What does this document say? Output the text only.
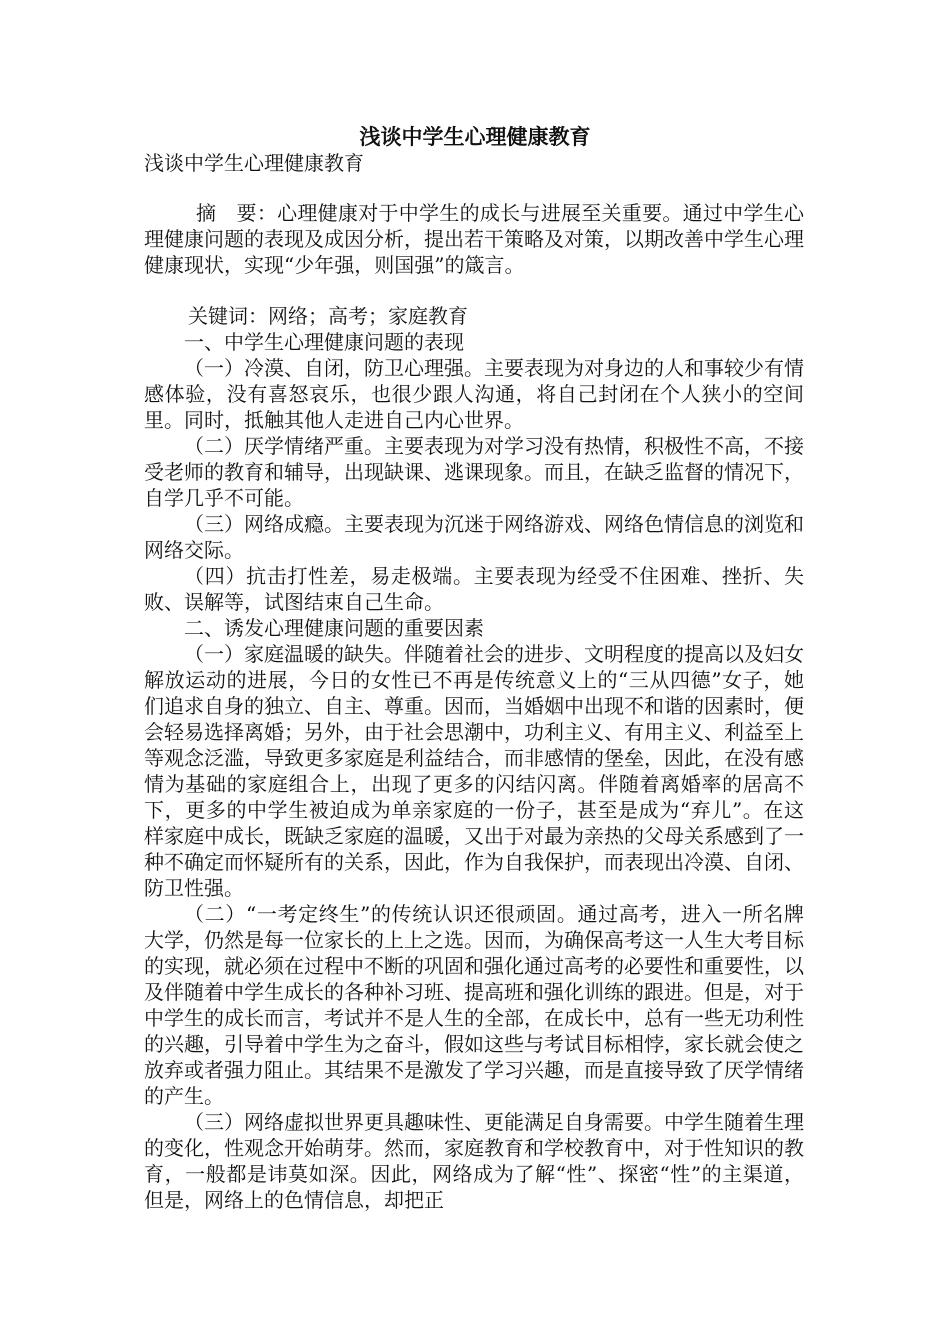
浅谈中学生心理健康教育
浅谈中学生心理健康教育

摘　要：心理健康对于中学生的成长与进展至关重要。通过中学生心理健康问题的表现及成因分析，提出若干策略及对策，以期改善中学生心理健康现状，实现“少年强，则国强”的箴言。

关键词：网络；高考；家庭教育

一、中学生心理健康问题的表现

（一）冷漠、自闭，防卫心理强。主要表现为对身边的人和事较少有情感体验，没有喜怒哀乐，也很少跟人沟通，将自己封闭在个人狭小的空间里。同时，抵触其他人走进自己内心世界。

（二）厌学情绪严重。主要表现为对学习没有热情，积极性不高，不接受老师的教育和辅导，出现缺课、逃课现象。而且，在缺乏监督的情况下，自学几乎不可能。

（三）网络成瘾。主要表现为沉迷于网络游戏、网络色情信息的浏览和网络交际。

（四）抗击打性差，易走极端。主要表现为经受不住困难、挫折、失败、误解等，试图结束自己生命。

二、诱发心理健康问题的重要因素

（一）家庭温暖的缺失。伴随着社会的进步、文明程度的提高以及妇女解放运动的进展，今日的女性已不再是传统意义上的“三从四德”女子，她们追求自身的独立、自主、尊重。因而，当婚姻中出现不和谐的因素时，便会轻易选择离婚；另外，由于社会思潮中，功利主义、有用主义、利益至上等观念泛滥，导致更多家庭是利益结合，而非感情的堡垒，因此，在没有感情为基础的家庭组合上，出现了更多的闪结闪离。伴随着离婚率的居高不下，更多的中学生被迫成为单亲家庭的一份子，甚至是成为“弃儿”。在这样家庭中成长，既缺乏家庭的温暖，又出于对最为亲热的父母关系感到了一种不确定而怀疑所有的关系，因此，作为自我保护，而表现出冷漠、自闭、防卫性强。

（二）“一考定终生”的传统认识还很顽固。通过高考，进入一所名牌大学，仍然是每一位家长的上上之选。因而，为确保高考这一人生大考目标的实现，就必须在过程中不断的巩固和强化通过高考的必要性和重要性，以及伴随着中学生成长的各种补习班、提高班和强化训练的跟进。但是，对于中学生的成长而言，考试并不是人生的全部，在成长中，总有一些无功利性的兴趣，引导着中学生为之奋斗，假如这些与考试目标相悖，家长就会使之放弃或者强力阻止。其结果不是激发了学习兴趣，而是直接导致了厌学情绪的产生。

（三）网络虚拟世界更具趣味性、更能满足自身需要。中学生随着生理的变化，性观念开始萌芽。然而，家庭教育和学校教育中，对于性知识的教育，一般都是讳莫如深。因此，网络成为了解“性”、探密“性”的主渠道，但是，网络上的色情信息，却把正
